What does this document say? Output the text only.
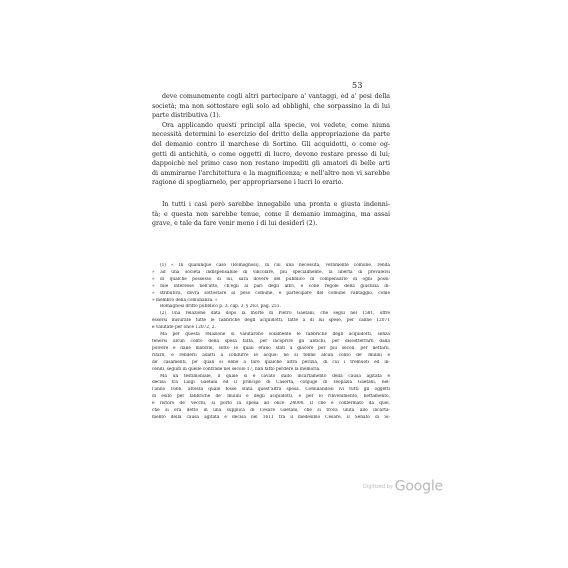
53
deve comunemente cogli altri partecipare a' vantaggi, ed a' pesi della
società; ma non sottostare egli solo ad obblighi, che sorpassino la di lui
parte distributiva (1).
Ora applicando questi principî alla specie, voi vedete, come niuna
necessità determini lo esercizio del dritto della appropriazione da parte
del demanio contro il marchese di Sortino. Gli acquidotti, o come og-
getti di antichità, o come oggetti di lucro, devono restare presso di lui;
dappoichè nel primo caso non restano impediti gli amatori di belle arti
di ammirarne l'architettura e la magnificenza; e nell'altro non vi sarebbe
ragione di spogliarnelo, per appropriarsene i lucri lo erario.
In tutti i casi però sarebbe innegabile una pronta e giusta indenni-
tà; e questa non sarebbe tenue, come il demanio immagina, ma assai
grave, e tale da fare venir meno i di lui desiderî (2).
(1) « In qualunque caso (Romagnosi), in cui una necessità, veramente comune, renda
» ad una società indispensabile di vincolare, più specialmente, la libertà di prevalersi
» di qualche possesso di lui, sarà dovere del pubblico di compensarlo di ogni possi-
» bile interesse nell'atto, ch'egli al pari degli altri, e colle regole della giustizia di-
» stributiva, dovrà sottostare al peso comune, e partecipare del comune vantaggio, come
» membro della comunanza. »
Romagnosi dritto pubblico p. 3, cap. 3, § 263, pag. 251.
(2) Una relazione data dopo la morte di Pietro Gaetani, che seguì nel 1581, offre
essersi misurate tutte le fabbriche degli acquidotti, fatte a di lui spese, per canne 12071
e valutate per once 12072, 2.
Ma per questa relazione si valutarono solamente le fabbriche degli acquidotti, senza
tenersi alcun conto della spesa fatta, per incoprire gli antichi, per dissotterrarli dalla
polvere e dalle materie, sotto le quali erano stati a giacere per più secoli, per nettarli,
rifarli, e renderli adatti a condurre le acque: nè si tenne alcun conto de' mulini e
de' casamenti, pe' quali si ebbe a fare qualche altra perizia, di cui i tremuoti ed in-
cendi, seguiti in quelle contrade nel secolo 17, han fatto perdere la memoria.
Ma un testimoniale, il quale si è cavato dallo incartamento della causa agitata e
decisa tra Luigi Gaetani ed il principe di Caserta, conjuge di Teopazia Gaetani, nel-
l'anno 1666, attesta quale fosse stata quest'altra spesa. Comulandosi ivi tutti gli oggetti
di esito per fabbriche de' mulini e degli acquidotti, e per lo rinvenimento, nettamento,
e ristoro de' vecchi, si portò la spesa ad once 24000. Il che è confermato da quel,
che si era detto in una supplica di Cesare Gaetani, che si trova unita allo incarta-
mento della causa agitata e decisa nel 1611 tra il medesimo Cesare, il Senato di Si-
Digitized by Google
